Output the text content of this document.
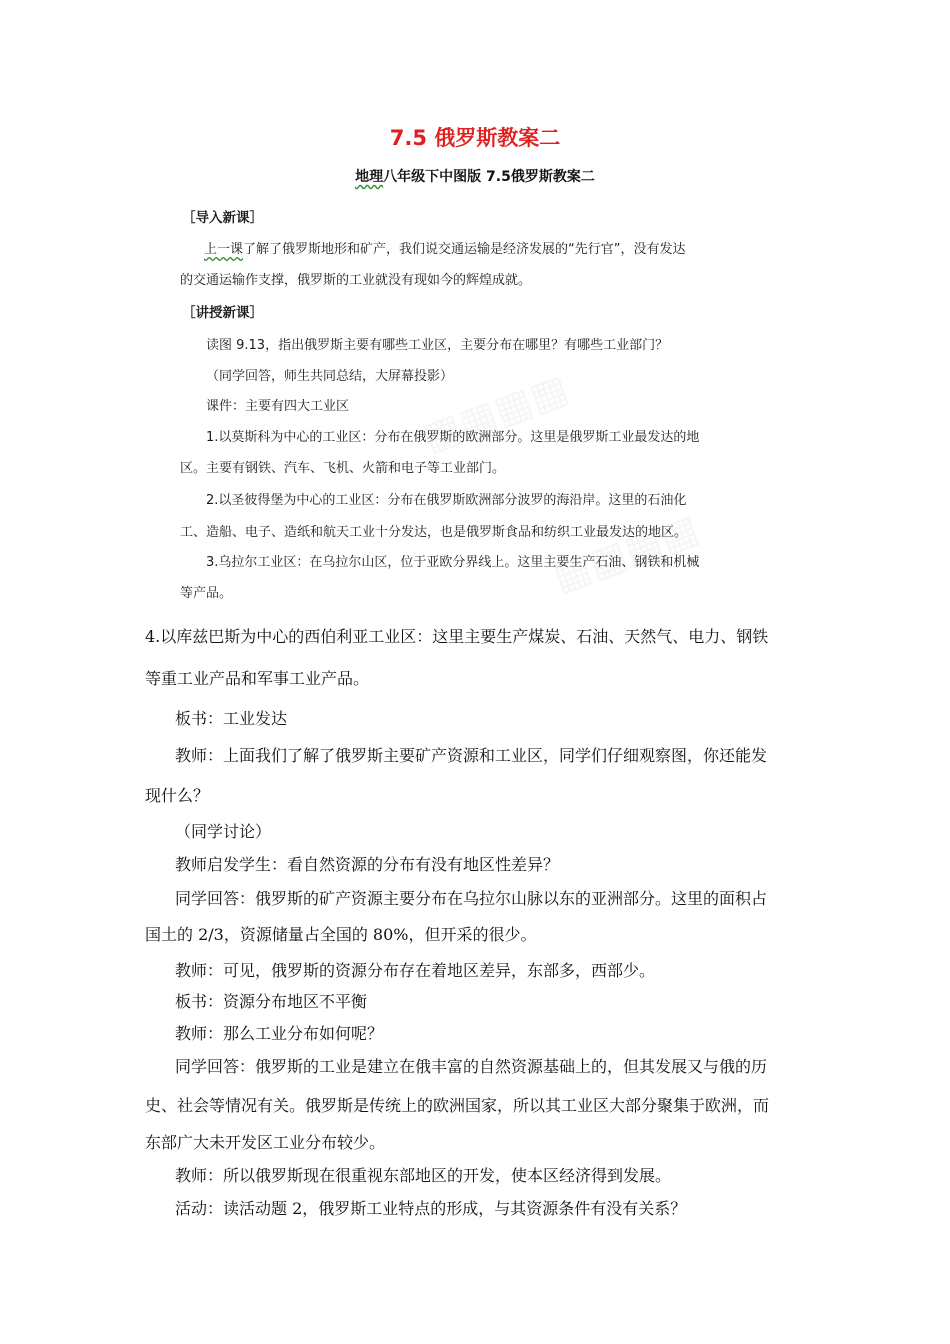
7.5 俄罗斯教案二
地理八年级下中图版 7.5俄罗斯教案二
［导入新课］
上一课了解了俄罗斯地形和矿产，我们说交通运输是经济发展的“先行官”，没有发达
的交通运输作支撑，俄罗斯的工业就没有现如今的辉煌成就。
［讲授新课］
读图 9.13，指出俄罗斯主要有哪些工业区，主要分布在哪里？有哪些工业部门？
（同学回答，师生共同总结，大屏幕投影）
课件：主要有四大工业区
1.以莫斯科为中心的工业区：分布在俄罗斯的欧洲部分。这里是俄罗斯工业最发达的地
区。主要有钢铁、汽车、飞机、火箭和电子等工业部门。
2.以圣彼得堡为中心的工业区：分布在俄罗斯欧洲部分波罗的海沿岸。这里的石油化
工、造船、电子、造纸和航天工业十分发达，也是俄罗斯食品和纺织工业最发达的地区。
3.乌拉尔工业区：在乌拉尔山区，位于亚欧分界线上。这里主要生产石油、钢铁和机械
等产品。
4.以库兹巴斯为中心的西伯利亚工业区：这里主要生产煤炭、石油、天然气、电力、钢铁
等重工业产品和军事工业产品。
板书：工业发达
教师：上面我们了解了俄罗斯主要矿产资源和工业区，同学们仔细观察图，你还能发
现什么？
（同学讨论）
教师启发学生：看自然资源的分布有没有地区性差异？
同学回答：俄罗斯的矿产资源主要分布在乌拉尔山脉以东的亚洲部分。这里的面积占
国土的 2/3，资源储量占全国的 80%，但开采的很少。
教师：可见，俄罗斯的资源分布存在着地区差异，东部多，西部少。
板书：资源分布地区不平衡
教师：那么工业分布如何呢？
同学回答：俄罗斯的工业是建立在俄丰富的自然资源基础上的，但其发展又与俄的历
史、社会等情况有关。俄罗斯是传统上的欧洲国家，所以其工业区大部分聚集于欧洲，而
东部广大未开发区工业分布较少。
教师：所以俄罗斯现在很重视东部地区的开发，使本区经济得到发展。
活动：读活动题 2，俄罗斯工业特点的形成，与其资源条件有没有关系？
